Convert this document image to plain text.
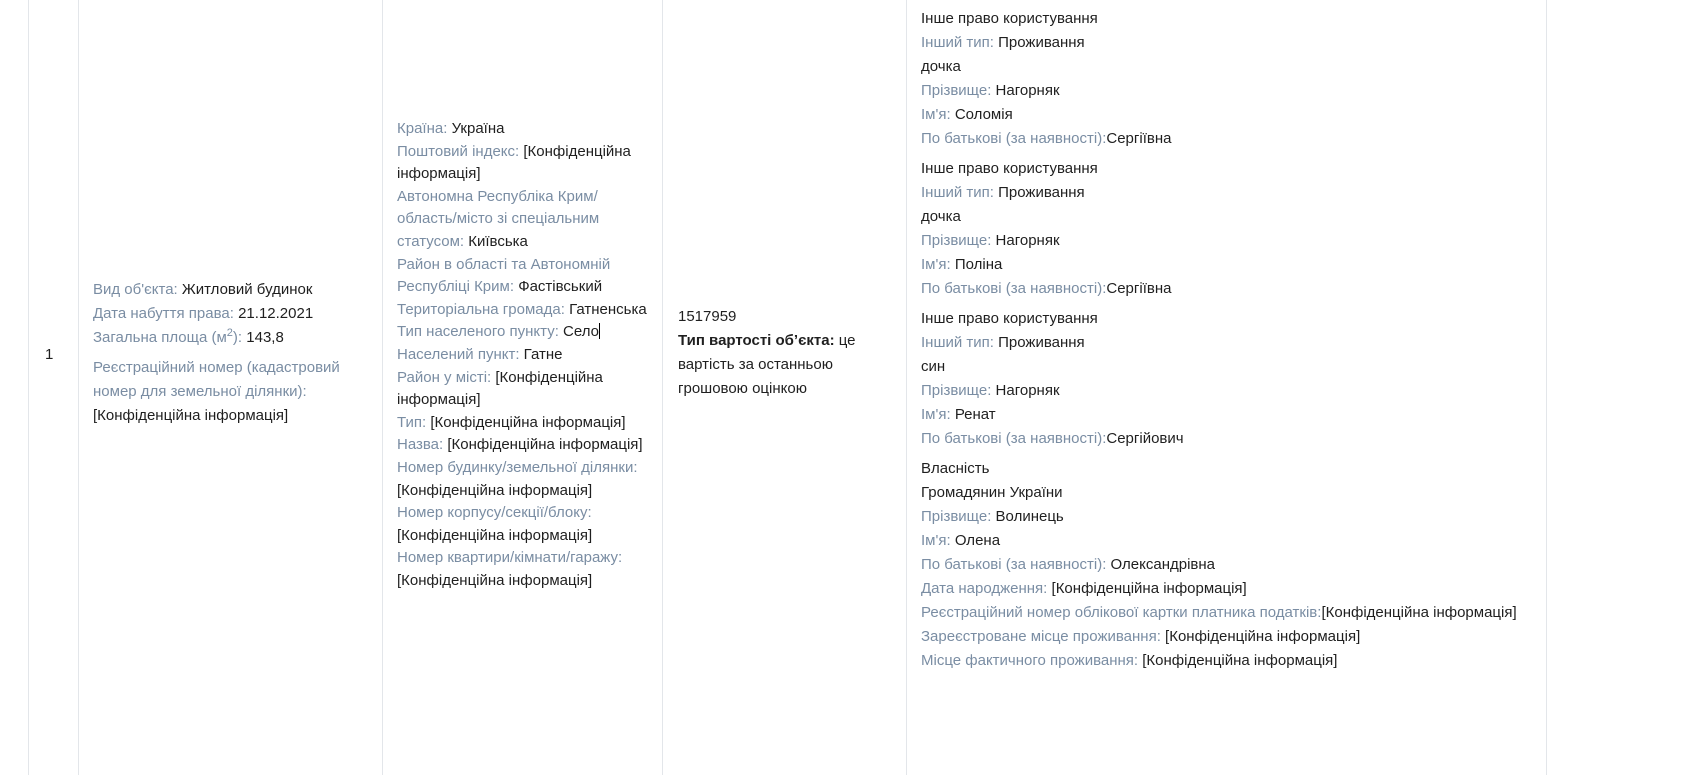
1
Вид об'єкта: Житловий будинок
Дата набуття права: 21.12.2021
Загальна площа $(м^2)$: 143,8
Реєстраційний номер (кадастровий номер для земельної ділянки): [Конфіденційна інформація]
Країна: Україна
Поштовий індекс: [Конфіденційна інформація]
Автономна Республіка Крим/ область/місто зі спеціальним статусом: Київська
Район в області та Автономній Республіці Крим: Фастівський
Територіальна громада: Гатненська
Тип населеного пункту: Село
Населений пункт: Гатне
Район у місті: [Конфіденційна інформація]
Тип: [Конфіденційна інформація]
Назва: [Конфіденційна інформація]
Номер будинку/земельної ділянки: [Конфіденційна інформація]
Номер корпусу/секції/блоку: [Конфіденційна інформація]
Номер квартири/кімнати/гаражу: [Конфіденційна інформація]
1517959
Тип вартості об’єкта: це вартість за останньою грошовою оцінкою
Інше право користування
Інший тип: Проживання
дочка
Прізвище: Нагорняк
Ім'я: Соломія
По батькові (за наявності):Сергіївна
Інше право користування
Інший тип: Проживання
дочка
Прізвище: Нагорняк
Ім'я: Поліна
По батькові (за наявності):Сергіївна
Інше право користування
Інший тип: Проживання
син
Прізвище: Нагорняк
Ім'я: Ренат
По батькові (за наявності):Сергійович
Власність
Громадянин України
Прізвище: Волинець
Ім'я: Олена
По батькові (за наявності): Олександрівна
Дата народження: [Конфіденційна інформація]
Реєстраційний номер облікової картки платника податків:[Конфіденційна інформація]
Зареєстроване місце проживання: [Конфіденційна інформація]
Місце фактичного проживання: [Конфіденційна інформація]
